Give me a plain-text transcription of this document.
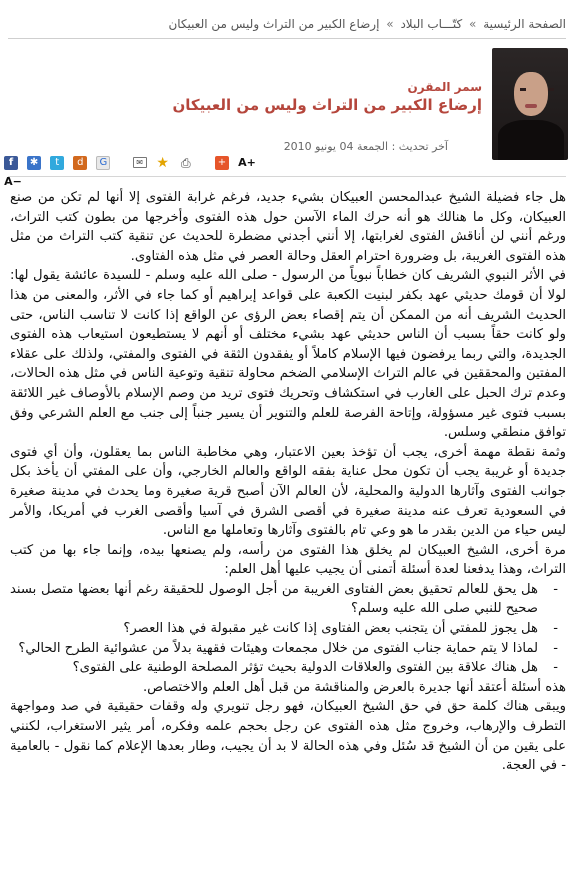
الصفحة الرئيسية » كتّـــاب البلاد » إرضاع الكبير من التراث وليس من العبيكان
سمر المقرن
إرضاع الكبير من التراث وليس من العبيكان
آخر تحديث : الجمعة 04 يونيو 2010
f ✱ t d G	✉ ★ ⎙	+ A+ A−

هل جاء فضيلة الشيخ عبدالمحسن العبيكان بشيء جديد، فرغم غرابة الفتوى إلا أنها لم تكن من صنع العبيكان، وكل ما هنالك هو أنه حرك الماء الآسن حول هذه الفتوى وأخرجها من بطون كتب التراث، ورغم أنني لن أناقش الفتوى لغرابتها، إلا أنني أجدني مضطرة للحديث عن تنقية كتب التراث من مثل هذه الفتوى الغريبة، بل وضرورة احترام العقل وحالة العصر في مثل هذه الفتاوى.

في الأثر النبوي الشريف كان خطاباً نبوياً من الرسول - صلى الله عليه وسلم - للسيدة عائشة يقول لها: لولا أن قومك حديثي عهد بكفر لبنيت الكعبة على قواعد إبراهيم أو كما جاء في الأثر، والمعنى من هذا الحديث الشريف أنه من الممكن أن يتم إقصاء بعض الرؤى عن الواقع إذا كانت لا تناسب الناس، حتى ولو كانت حقاً بسبب أن الناس حديثي عهد بشيء مختلف أو أنهم لا يستطيعون استيعاب هذه الفتوى الجديدة، والتي ربما يرفضون فيها الإسلام كاملاً أو يفقدون الثقة في الفتوى والمفتي، ولذلك على عقلاء المفتين والمحققين في عالم التراث الإسلامي الضخم محاولة تنقية وتوعية الناس في مثل هذه الحالات، وعدم ترك الحبل على الغارب في استكشاف وتحريك فتوى تريد من وصم الإسلام بالأوصاف غير اللائقة بسبب فتوى غير مسؤولة، وإتاحة الفرصة للعلم والتنوير أن يسير جنباً إلى جنب مع العلم الشرعي وفق توافق منطقي وسلس.

وثمة نقطة مهمة أخرى، يجب أن تؤخذ بعين الاعتبار، وهي مخاطبة الناس بما يعقلون، وأن أي فتوى جديدة أو غريبة يجب أن تكون محل عناية بفقه الواقع والعالم الخارجي، وأن على المفتي أن يأخذ بكل جوانب الفتوى وآثارها الدولية والمحلية، لأن العالم الآن أصبح قرية صغيرة وما يحدث في مدينة صغيرة في السعودية تعرف عنه مدينة صغيرة في أقصى الشرق في آسيا وأقصى الغرب في أمريكا، والأمر ليس حياء من الدين بقدر ما هو وعي تام بالفتوى وآثارها وتعاملها مع الناس.

مرة أخرى، الشيخ العبيكان لم يخلق هذا الفتوى من رأسه، ولم يصنعها بيده، وإنما جاء بها من كتب التراث، وهذا يدفعنا لعدة أسئلة أتمنى أن يجيب عليها أهل العلم:

- هل يحق للعالم تحقيق بعض الفتاوى الغريبة من أجل الوصول للحقيقة رغم أنها بعضها متصل بسند صحيح للنبي صلى الله عليه وسلم؟
- هل يجوز للمفتي أن يتجنب بعض الفتاوى إذا كانت غير مقبولة في هذا العصر؟
- لماذا لا يتم حماية جناب الفتوى من خلال مجمعات وهيئات فقهية بدلاً من عشوائية الطرح الحالي؟
- هل هناك علاقة بين الفتوى والعلاقات الدولية بحيث تؤثر المصلحة الوطنية على الفتوى؟

هذه أسئلة أعتقد أنها جديرة بالعرض والمناقشة من قبل أهل العلم والاختصاص.

ويبقى هناك كلمة حق في حق الشيخ العبيكان، فهو رجل تنويري وله وقفات حقيقية في صد ومواجهة التطرف والإرهاب، وخروج مثل هذه الفتوى عن رجل بحجم علمه وفكره، أمر يثير الاستغراب، لكنني على يقين من أن الشيخ قد سُئل وفي هذه الحالة لا بد أن يجيب، وطار بعدها الإعلام كما نقول - بالعامية - في العجة.
